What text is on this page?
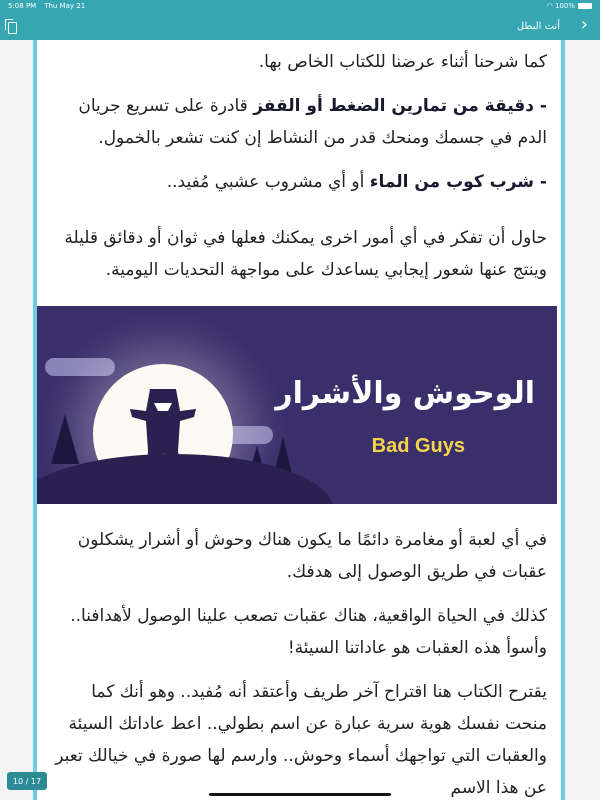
5:08 PM Thu May 21	◠ 100%
أنت البطل ›

كما شرحنا أثناء عرضنا للكتاب الخاص بها.

- دقيقة من تمارين الضغط أو القفز قادرة على تسريع جريان الدم في جسمك ومنحك قدر من النشاط إن كنت تشعر بالخمول.

- شرب كوب من الماء أو أي مشروب عشبي مُفيد..

حاول أن تفكر في أي أمور اخرى يمكنك فعلها في ثوان أو دقائق قليلة وينتج عنها شعور إيجابي يساعدك على مواجهة التحديات اليومية.

الوحوش والأشرار
Bad Guys

في أي لعبة أو مغامرة دائمًا ما يكون هناك وحوش أو أشرار يشكلون عقبات في طريق الوصول إلى هدفك.

كذلك في الحياة الواقعية، هناك عقبات تصعب علينا الوصول لأهدافنا.. وأسوأ هذه العقبات هو عاداتنا السيئة!

يقترح الكتاب هنا اقتراح آخر طريف وأعتقد أنه مُفيد.. وهو أنك كما منحت نفسك هوية سرية عبارة عن اسم بطولي.. اعط عاداتك السيئة والعقبات التي تواجهك أسماء وحوش.. وارسم لها صورة في خيالك تعبر عن هذا الاسم

10 / 17
